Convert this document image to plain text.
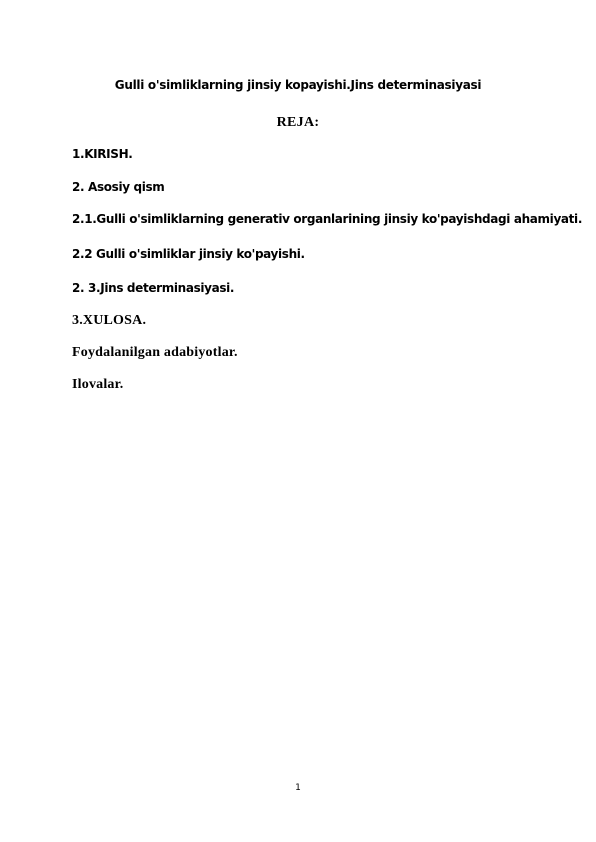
Gulli o'simliklarning jinsiy kopayishi.Jins determinasiyasi
REJA:
1.KIRISH.
2. Asosiy qism
2.1.Gulli o'simliklarning generativ organlarining jinsiy ko'payishdagi ahamiyati.
2.2 Gulli o'simliklar jinsiy ko'payishi.
2. 3.Jins determinasiyasi.
3.XULOSA.
Foydalanilgan adabiyotlar.
Ilovalar.
1
